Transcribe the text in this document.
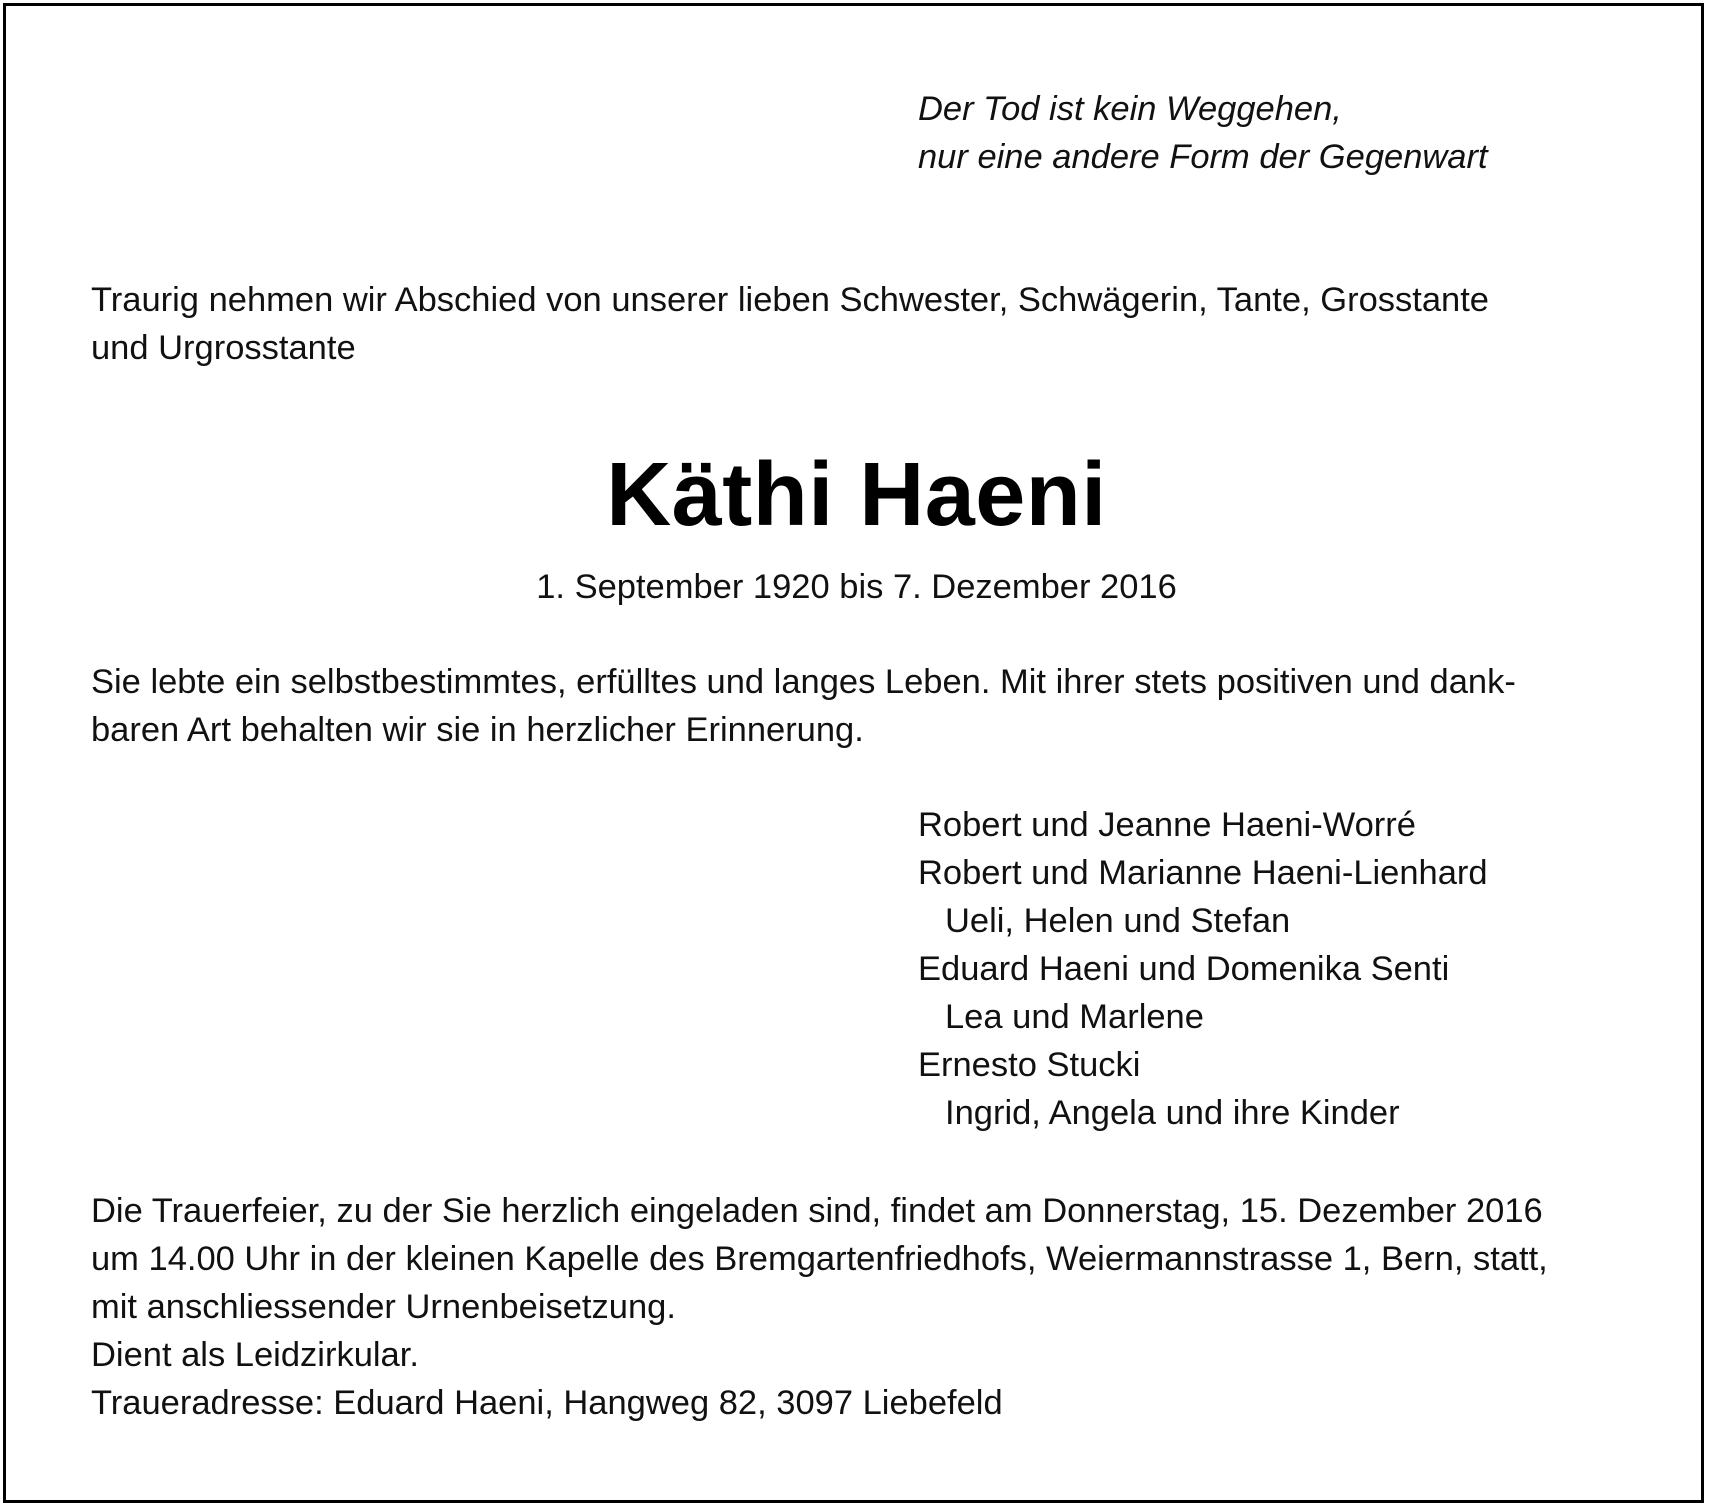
Der Tod ist kein Weggehen,
nur eine andere Form der Gegenwart
Traurig nehmen wir Abschied von unserer lieben Schwester, Schwägerin, Tante, Grosstante
und Urgrosstante
Käthi Haeni
1. September 1920 bis 7. Dezember 2016
Sie lebte ein selbstbestimmtes, erfülltes und langes Leben. Mit ihrer stets positiven und dank-
baren Art behalten wir sie in herzlicher Erinnerung.
Robert und Jeanne Haeni-Worré
Robert und Marianne Haeni-Lienhard
Ueli, Helen und Stefan
Eduard Haeni und Domenika Senti
Lea und Marlene
Ernesto Stucki
Ingrid, Angela und ihre Kinder
Die Trauerfeier, zu der Sie herzlich eingeladen sind, findet am Donnerstag, 15. Dezember 2016
um 14.00 Uhr in der kleinen Kapelle des Bremgartenfriedhofs, Weiermannstrasse 1, Bern, statt,
mit anschliessender Urnenbeisetzung.
Dient als Leidzirkular.
Traueradresse: Eduard Haeni, Hangweg 82, 3097 Liebefeld
